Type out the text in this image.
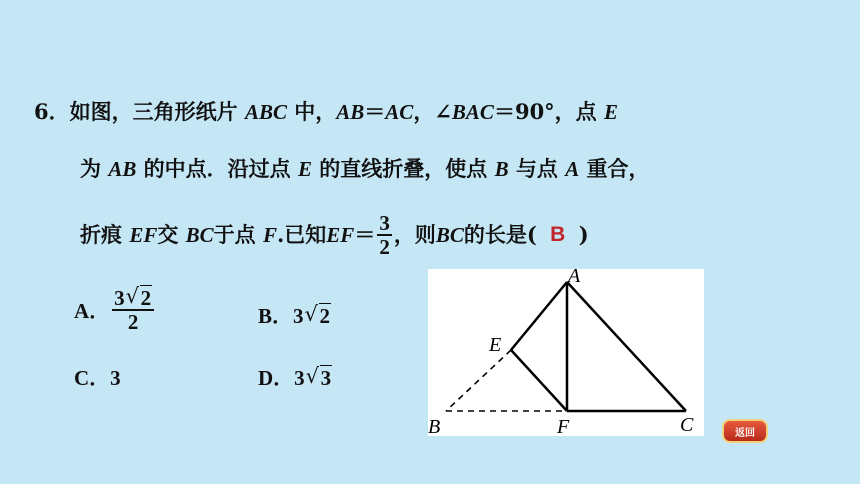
6．如图，三角形纸片 ABC 中，AB＝AC，∠BAC＝90°，点 E
为 AB 的中点．沿过点 E 的直线折叠，使点 B 与点 A 重合，
折痕
EF 交
BC 于点
F .已知 EF ＝ $\frac{3}{2}$ ，则 BC 的长是( B )
A． $\frac{3 √ 2}{2}$	B．3 √ 2
C．3	D．3 √ 3
A
E
B	F	C	返回
